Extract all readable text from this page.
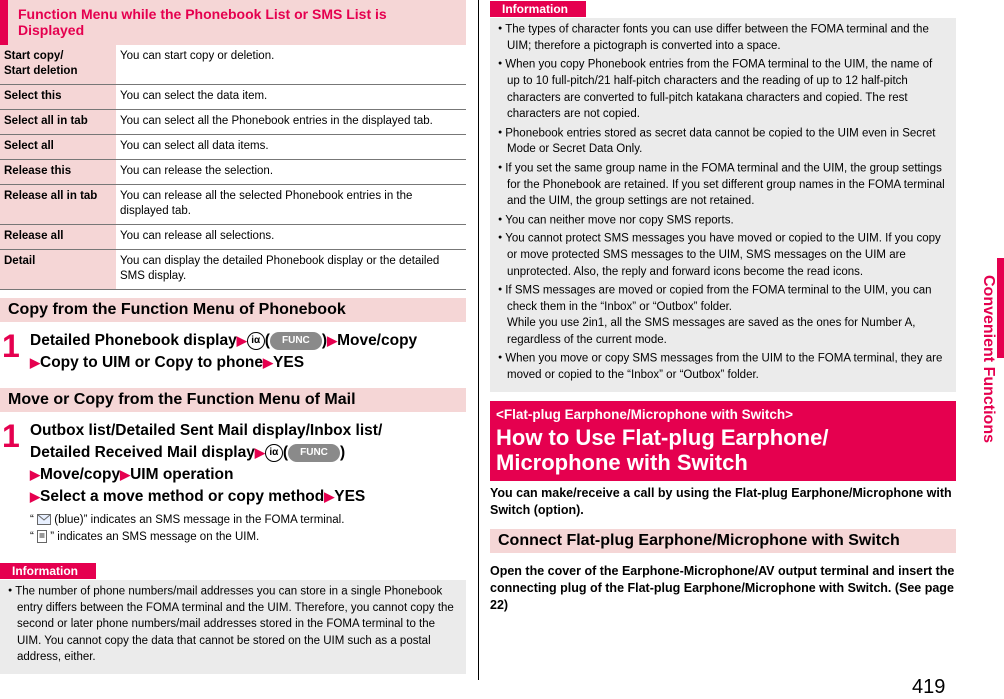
Function Menu while the Phonebook List or SMS List is Displayed
Start copy/
Start deletion	You can start copy or deletion.
Select this	You can select the data item.
Select all in tab	You can select all the Phonebook entries in the displayed tab.
Select all	You can select all data items.
Release this	You can release the selection.
Release all in tab	You can release all the selected Phonebook entries in the displayed tab.
Release all	You can release all selections.
Detail	You can display the detailed Phonebook display or the detailed SMS display.
Copy from the Function Menu of Phonebook
1 Detailed Phonebook display▶ iα ( FUNC )▶Move/copy
▶Copy to UIM or Copy to phone▶YES
Move or Copy from the Function Menu of Mail
1 Outbox list/Detailed Sent Mail display/Inbox list/
Detailed Received Mail display▶ iα ( FUNC )
▶Move/copy▶UIM operation
▶Select a move method or copy method▶YES
“  (blue)” indicates an SMS message in the FOMA terminal.
“  ” indicates an SMS message on the UIM.
Information

● The number of phone numbers/mail addresses you can store in a single Phonebook entry differs between the FOMA terminal and the UIM. Therefore, you cannot copy the second or later phone numbers/mail addresses stored in the FOMA terminal to the UIM. You cannot copy the data that cannot be stored on the UIM such as a postal address, either.

Information

● The types of character fonts you can use differ between the FOMA terminal and the UIM; therefore a pictograph is converted into a space.

● When you copy Phonebook entries from the FOMA terminal to the UIM, the name of up to 10 full-pitch/21 half-pitch characters and the reading of up to 12 half-pitch characters are converted to full-pitch katakana characters and copied. The rest characters are not copied.

● Phonebook entries stored as secret data cannot be copied to the UIM even in Secret Mode or Secret Data Only.

● If you set the same group name in the FOMA terminal and the UIM, the group settings for the Phonebook are retained. If you set different group names in the FOMA terminal and the UIM, the group settings are not retained.

● You can neither move nor copy SMS reports.

● You cannot protect SMS messages you have moved or copied to the UIM. If you copy or move protected SMS messages to the UIM, SMS messages on the UIM are unprotected. Also, the reply and forward icons become the read icons.

● If SMS messages are moved or copied from the FOMA terminal to the UIM, you can check them in the “Inbox” or “Outbox” folder.
While you use 2in1, all the SMS messages are saved as the ones for Number A, regardless of the current mode.

● When you move or copy SMS messages from the UIM to the FOMA terminal, they are moved or copied to the “Inbox” or “Outbox” folder.

<Flat-plug Earphone/Microphone with Switch>
How to Use Flat-plug Earphone/ Microphone with Switch
You can make/receive a call by using the Flat-plug Earphone/Microphone with Switch (option).
Connect Flat-plug Earphone/Microphone with Switch
Open the cover of the Earphone-Microphone/AV output terminal and insert the connecting plug of the Flat-plug Earphone/Microphone with Switch. (See page 22)
Convenient Functions
419
